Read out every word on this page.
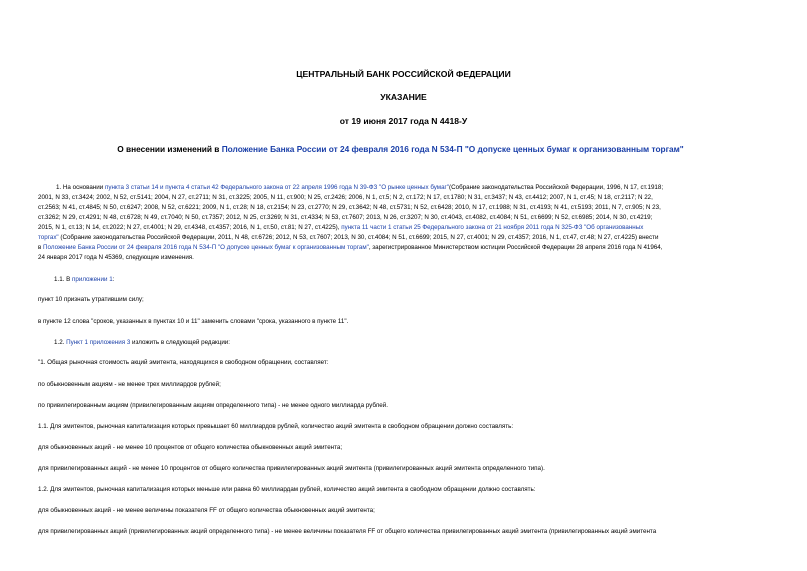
ЦЕНТРАЛЬНЫЙ БАНК РОССИЙСКОЙ ФЕДЕРАЦИИ
УКАЗАНИЕ
от 19 июня 2017 года N 4418-У
О внесении изменений в Положение Банка России от 24 февраля 2016 года N 534-П "О допуске ценных бумаг к организованным торгам"
1. На основании пункта 3 статьи 14 и пункта 4 статьи 42 Федерального закона от 22 апреля 1996 года N 39-ФЗ "О рынке ценных бумаг"(Собрание законодательства Российской Федерации, 1996, N 17, ст.1918;
2001, N 33, ст.3424; 2002, N 52, ст.5141; 2004, N 27, ст.2711; N 31, ст.3225; 2005, N 11, ст.900; N 25, ст.2426; 2006, N 1, ст.5; N 2, ст.172; N 17, ст.1780; N 31, ст.3437; N 43, ст.4412; 2007, N 1, ст.45; N 18, ст.2117; N 22,
ст.2563; N 41, ст.4845; N 50, ст.6247; 2008, N 52, ст.6221; 2009, N 1, ст.28; N 18, ст.2154; N 23, ст.2770; N 29, ст.3642; N 48, ст.5731; N 52, ст.6428; 2010, N 17, ст.1988; N 31, ст.4193; N 41, ст.5193; 2011, N 7, ст.905; N 23,
ст.3262; N 29, ст.4291; N 48, ст.6728; N 49, ст.7040; N 50, ст.7357; 2012, N 25, ст.3269; N 31, ст.4334; N 53, ст.7607; 2013, N 26, ст.3207; N 30, ст.4043, ст.4082, ст.4084; N 51, ст.6699; N 52, ст.6985; 2014, N 30, ст.4219;
2015, N 1, ст.13; N 14, ст.2022; N 27, ст.4001; N 29, ст.4348, ст.4357; 2016, N 1, ст.50, ст.81; N 27, ст.4225), пункта 11 части 1 статьи 25 Федерального закона от 21 ноября 2011 года N 325-ФЗ "Об организованных
торгах" (Собрание законодательства Российской Федерации, 2011, N 48, ст.6726; 2012, N 53, ст.7607; 2013, N 30, ст.4084; N 51, ст.6699; 2015, N 27, ст.4001; N 29, ст.4357; 2016, N 1, ст.47, ст.48; N 27, ст.4225) внести
в Положение Банка России от 24 февраля 2016 года N 534-П "О допуске ценных бумаг к организованным торгам", зарегистрированное Министерством юстиции Российской Федерации 28 апреля 2016 года N 41964,
24 января 2017 года N 45369, следующие изменения.
1.1. В приложении 1:
пункт 10 признать утратившим силу;
в пункте 12 слова "сроков, указанных в пунктах 10 и 11" заменить словами "срока, указанного в пункте 11".
1.2. Пункт 1 приложения 3 изложить в следующей редакции:
"1. Общая рыночная стоимость акций эмитента, находящихся в свободном обращении, составляет:
по обыкновенным акциям - не менее трех миллиардов рублей;
по привилегированным акциям (привилегированным акциям определенного типа) - не менее одного миллиарда рублей.
1.1. Для эмитентов, рыночная капитализация которых превышает 60 миллиардов рублей, количество акций эмитента в свободном обращении должно составлять:
для обыкновенных акций - не менее 10 процентов от общего количества обыкновенных акций эмитента;
для привилегированных акций - не менее 10 процентов от общего количества привилегированных акций эмитента (привилегированных акций эмитента определенного типа).
1.2. Для эмитентов, рыночная капитализация которых меньше или равна 60 миллиардам рублей, количество акций эмитента в свободном обращении должно составлять:
для обыкновенных акций - не менее величины показателя FF от общего количества обыкновенных акций эмитента;
для привилегированных акций (привилегированных акций определенного типа) - не менее величины показателя FF от общего количества привилегированных акций эмитента (привилегированных акций эмитента
